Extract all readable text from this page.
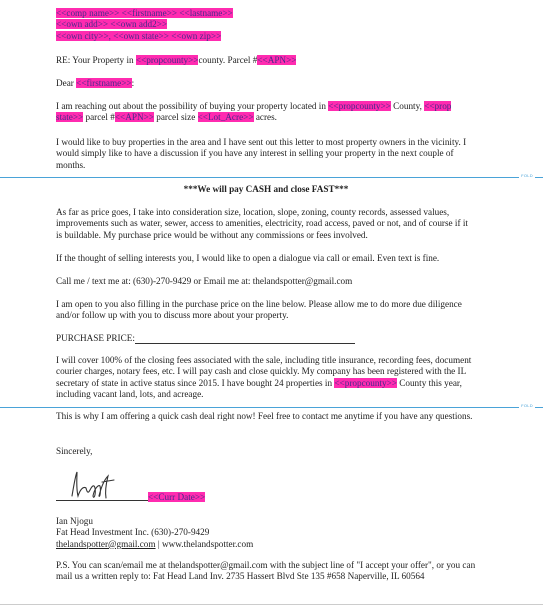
<<comp name>> <<firstname>> <<lastname>>
<<own add>> <<own add2>>
<<own city>>, <<own state>> <<own zip>>
RE: Your Property in <<propcounty>>county. Parcel #<<APN>>
Dear <<firstname>>:
I am reaching out about the possibility of buying your property located in <<propcounty>> County, <<prop state>> parcel #<<APN>> parcel size <<Lot_Acre>> acres.

I would like to buy properties in the area and I have sent out this letter to most property owners in the vicinity. I would simply like to have a discussion if you have any interest in selling your property in the next couple of months.

FOLD
***We will pay CASH and close FAST***

As far as price goes, I take into consideration size, location, slope, zoning, county records, assessed values, improvements such as water, sewer, access to amenities, electricity, road access, paved or not, and of course if it is buildable. My purchase price would be without any commissions or fees involved.

If the thought of selling interests you, I would like to open a dialogue via call or email. Even text is fine.

Call me / text me at: (630)-270-9429 or Email me at: thelandspotter@gmail.com

I am open to you also filling in the purchase price on the line below. Please allow me to do more due diligence and/or follow up with you to discuss more about your property.

PURCHASE PRICE:
I will cover 100% of the closing fees associated with the sale, including title insurance, recording fees, document courier charges, notary fees, etc. I will pay cash and close quickly. My company has been registered with the IL secretary of state in active status since 2015. I have bought 24 properties in <<propcounty>> County this year, including vacant land, lots, and acreage.
FOLD

This is why I am offering a quick cash deal right now! Feel free to contact me anytime if you have any questions.

Sincerely,
<<Curr Date>>
Ian Njogu
Fat Head Investment Inc. (630)-270-9429
thelandspotter@gmail.com | www.thelandspotter.com

P.S. You can scan/email me at thelandspotter@gmail.com with the subject line of "I accept your offer", or you can mail us a written reply to: Fat Head Land Inv. 2735 Hassert Blvd Ste 135 #658 Naperville, IL 60564
